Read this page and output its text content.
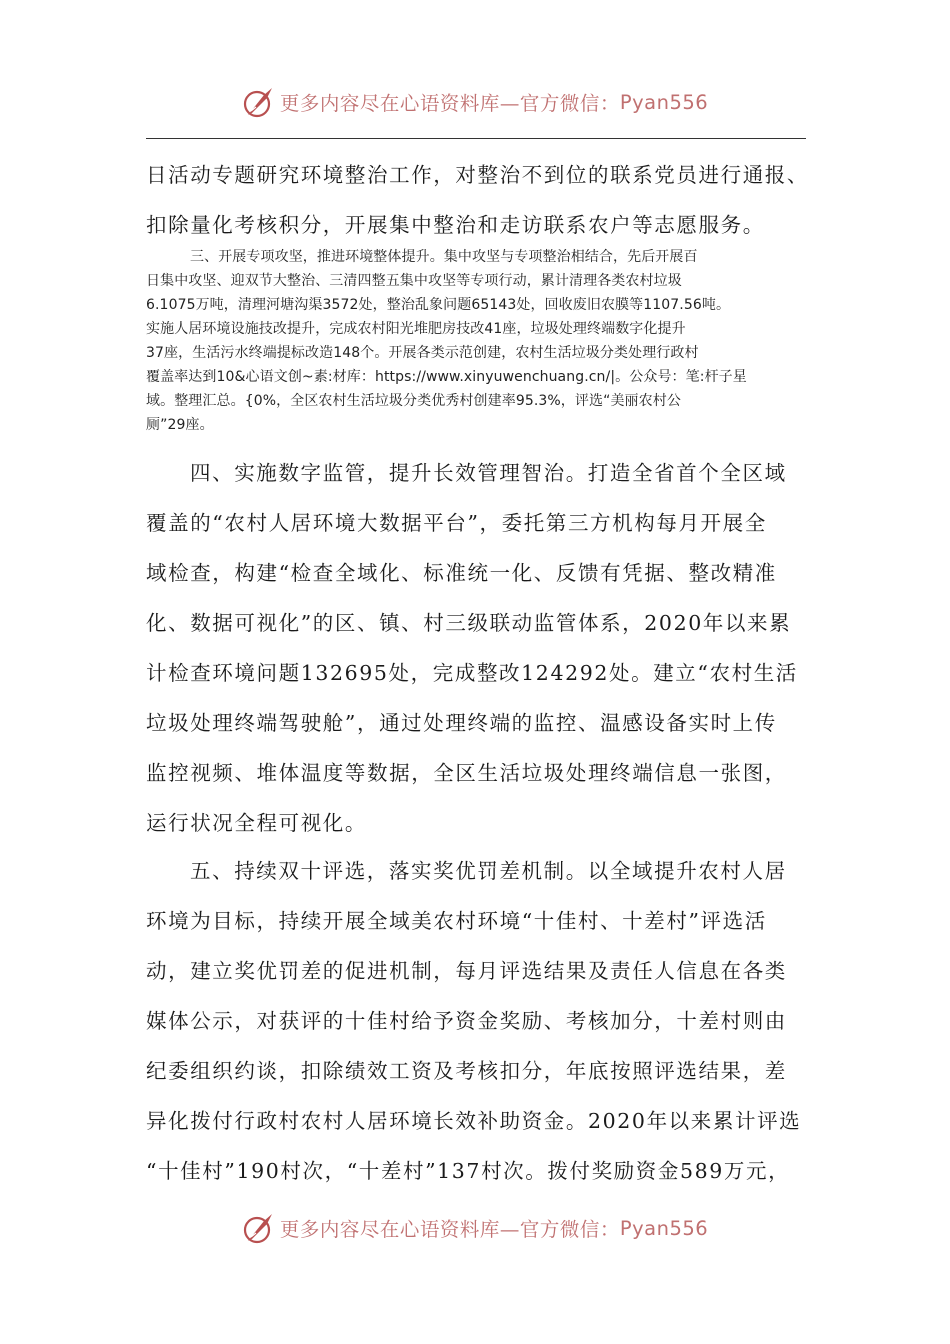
更多内容尽在心语资料库—官方微信： Pyan556
日活动专题研究环境整治工作，对整治不到位的联系党员进行通报、
扣除量化考核积分，开展集中整治和走访联系农户等志愿服务。
三、开展专项攻坚，推进环境整体提升。集中攻坚与专项整治相结合，先后开展百
日集中攻坚、迎双节大整治、三清四整五集中攻坚等专项行动，累计清理各类农村垃圾
6.1075万吨，清理河塘沟渠3572处，整治乱象问题65143处，回收废旧农膜等1107.56吨。
实施人居环境设施技改提升，完成农村阳光堆肥房技改41座，垃圾处理终端数字化提升
37座，生活污水终端提标改造148个。开展各类示范创建，农村生活垃圾分类处理行政村
覆盖率达到10&心语文创~素:材库：https://www.xinyuwenchuang.cn/|。公众号：笔:杆子星
域。整理汇总。{0%，全区农村生活垃圾分类优秀村创建率95.3%，评选“美丽农村公
厕”29座。
四、实施数字监管，提升长效管理智治。打造全省首个全区域
覆盖的“农村人居环境大数据平台”，委托第三方机构每月开展全
域检查，构建“检查全域化、标准统一化、反馈有凭据、整改精准
化、数据可视化”的区、镇、村三级联动监管体系，2020年以来累
计检查环境问题132695处，完成整改124292处。建立“农村生活
垃圾处理终端驾驶舱”，通过处理终端的监控、温感设备实时上传
监控视频、堆体温度等数据，全区生活垃圾处理终端信息一张图，
运行状况全程可视化。
五、持续双十评选，落实奖优罚差机制。以全域提升农村人居
环境为目标，持续开展全域美农村环境“十佳村、十差村”评选活
动，建立奖优罚差的促进机制，每月评选结果及责任人信息在各类
媒体公示，对获评的十佳村给予资金奖励、考核加分，十差村则由
纪委组织约谈，扣除绩效工资及考核扣分，年底按照评选结果，差
异化拨付行政村农村人居环境长效补助资金。2020年以来累计评选
“十佳村”190村次，“十差村”137村次。拨付奖励资金589万元，
更多内容尽在心语资料库—官方微信： Pyan556
